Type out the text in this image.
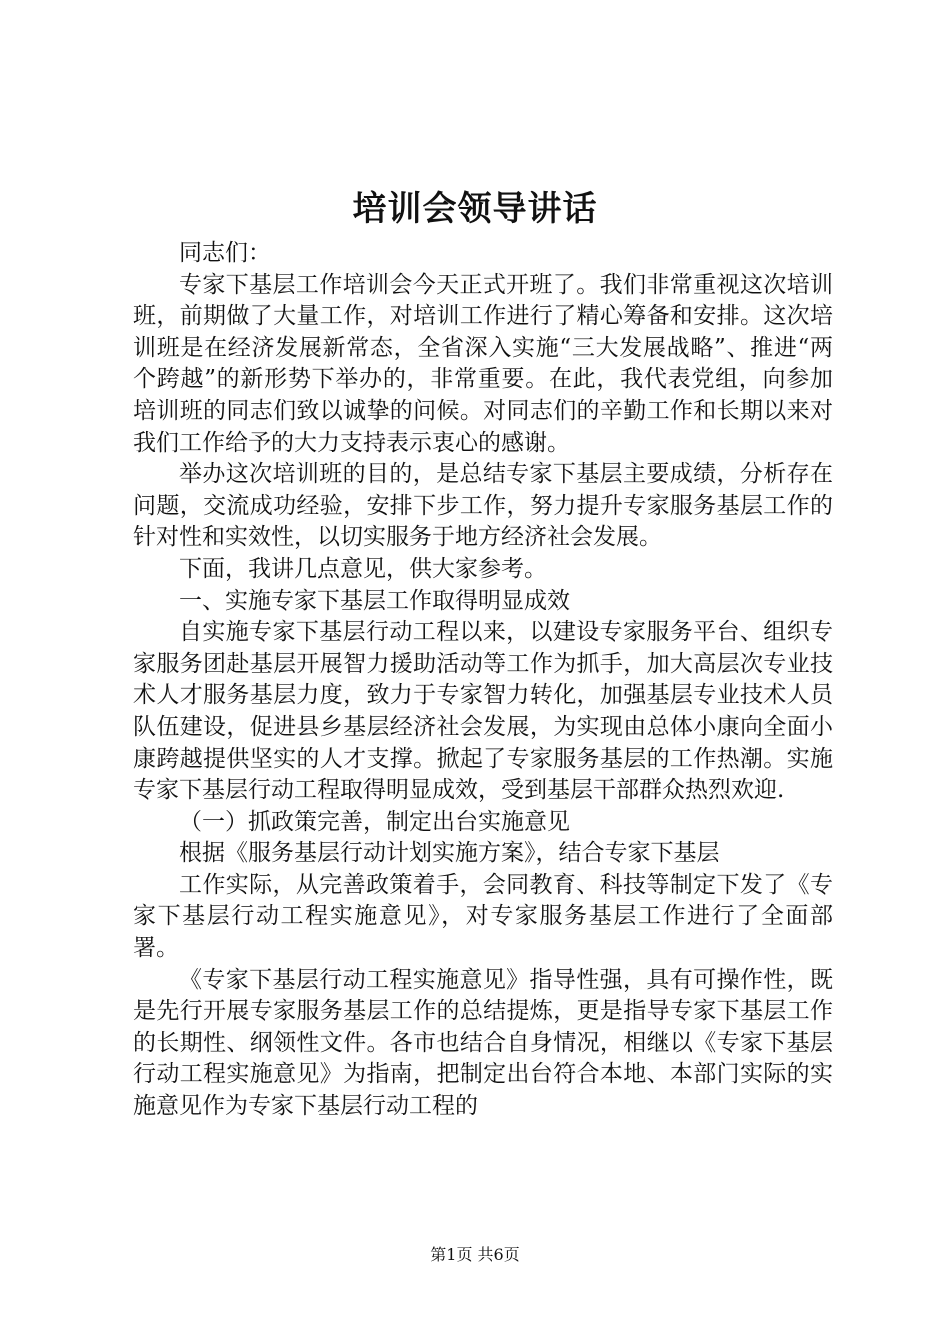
培训会领导讲话

同志们：

专家下基层工作培训会今天正式开班了。我们非常重视这次培训班，前期做了大量工作，对培训工作进行了精心筹备和安排。这次培训班是在经济发展新常态，全省深入实施“三大发展战略”、推进“两个跨越”的新形势下举办的，非常重要。在此，我代表党组，向参加培训班的同志们致以诚挚的问候。对同志们的辛勤工作和长期以来对我们工作给予的大力支持表示衷心的感谢。

举办这次培训班的目的，是总结专家下基层主要成绩，分析存在问题，交流成功经验，安排下步工作，努力提升专家服务基层工作的针对性和实效性，以切实服务于地方经济社会发展。

下面，我讲几点意见，供大家参考。

一、实施专家下基层工作取得明显成效

自实施专家下基层行动工程以来，以建设专家服务平台、组织专家服务团赴基层开展智力援助活动等工作为抓手，加大高层次专业技术人才服务基层力度，致力于专家智力转化，加强基层专业技术人员队伍建设，促进县乡基层经济社会发展，为实现由总体小康向全面小康跨越提供坚实的人才支撑。掀起了专家服务基层的工作热潮。实施专家下基层行动工程取得明显成效，受到基层干部群众热烈欢迎.

（一）抓政策完善，制定出台实施意见

根据《服务基层行动计划实施方案》，结合专家下基层

工作实际，从完善政策着手，会同教育、科技等制定下发了《专家下基层行动工程实施意见》，对专家服务基层工作进行了全面部署。

《专家下基层行动工程实施意见》指导性强，具有可操作性，既是先行开展专家服务基层工作的总结提炼，更是指导专家下基层工作的长期性、纲领性文件。各市也结合自身情况，相继以《专家下基层行动工程实施意见》为指南，把制定出台符合本地、本部门实际的实施意见作为专家下基层行动工程的

第1页 共6页
